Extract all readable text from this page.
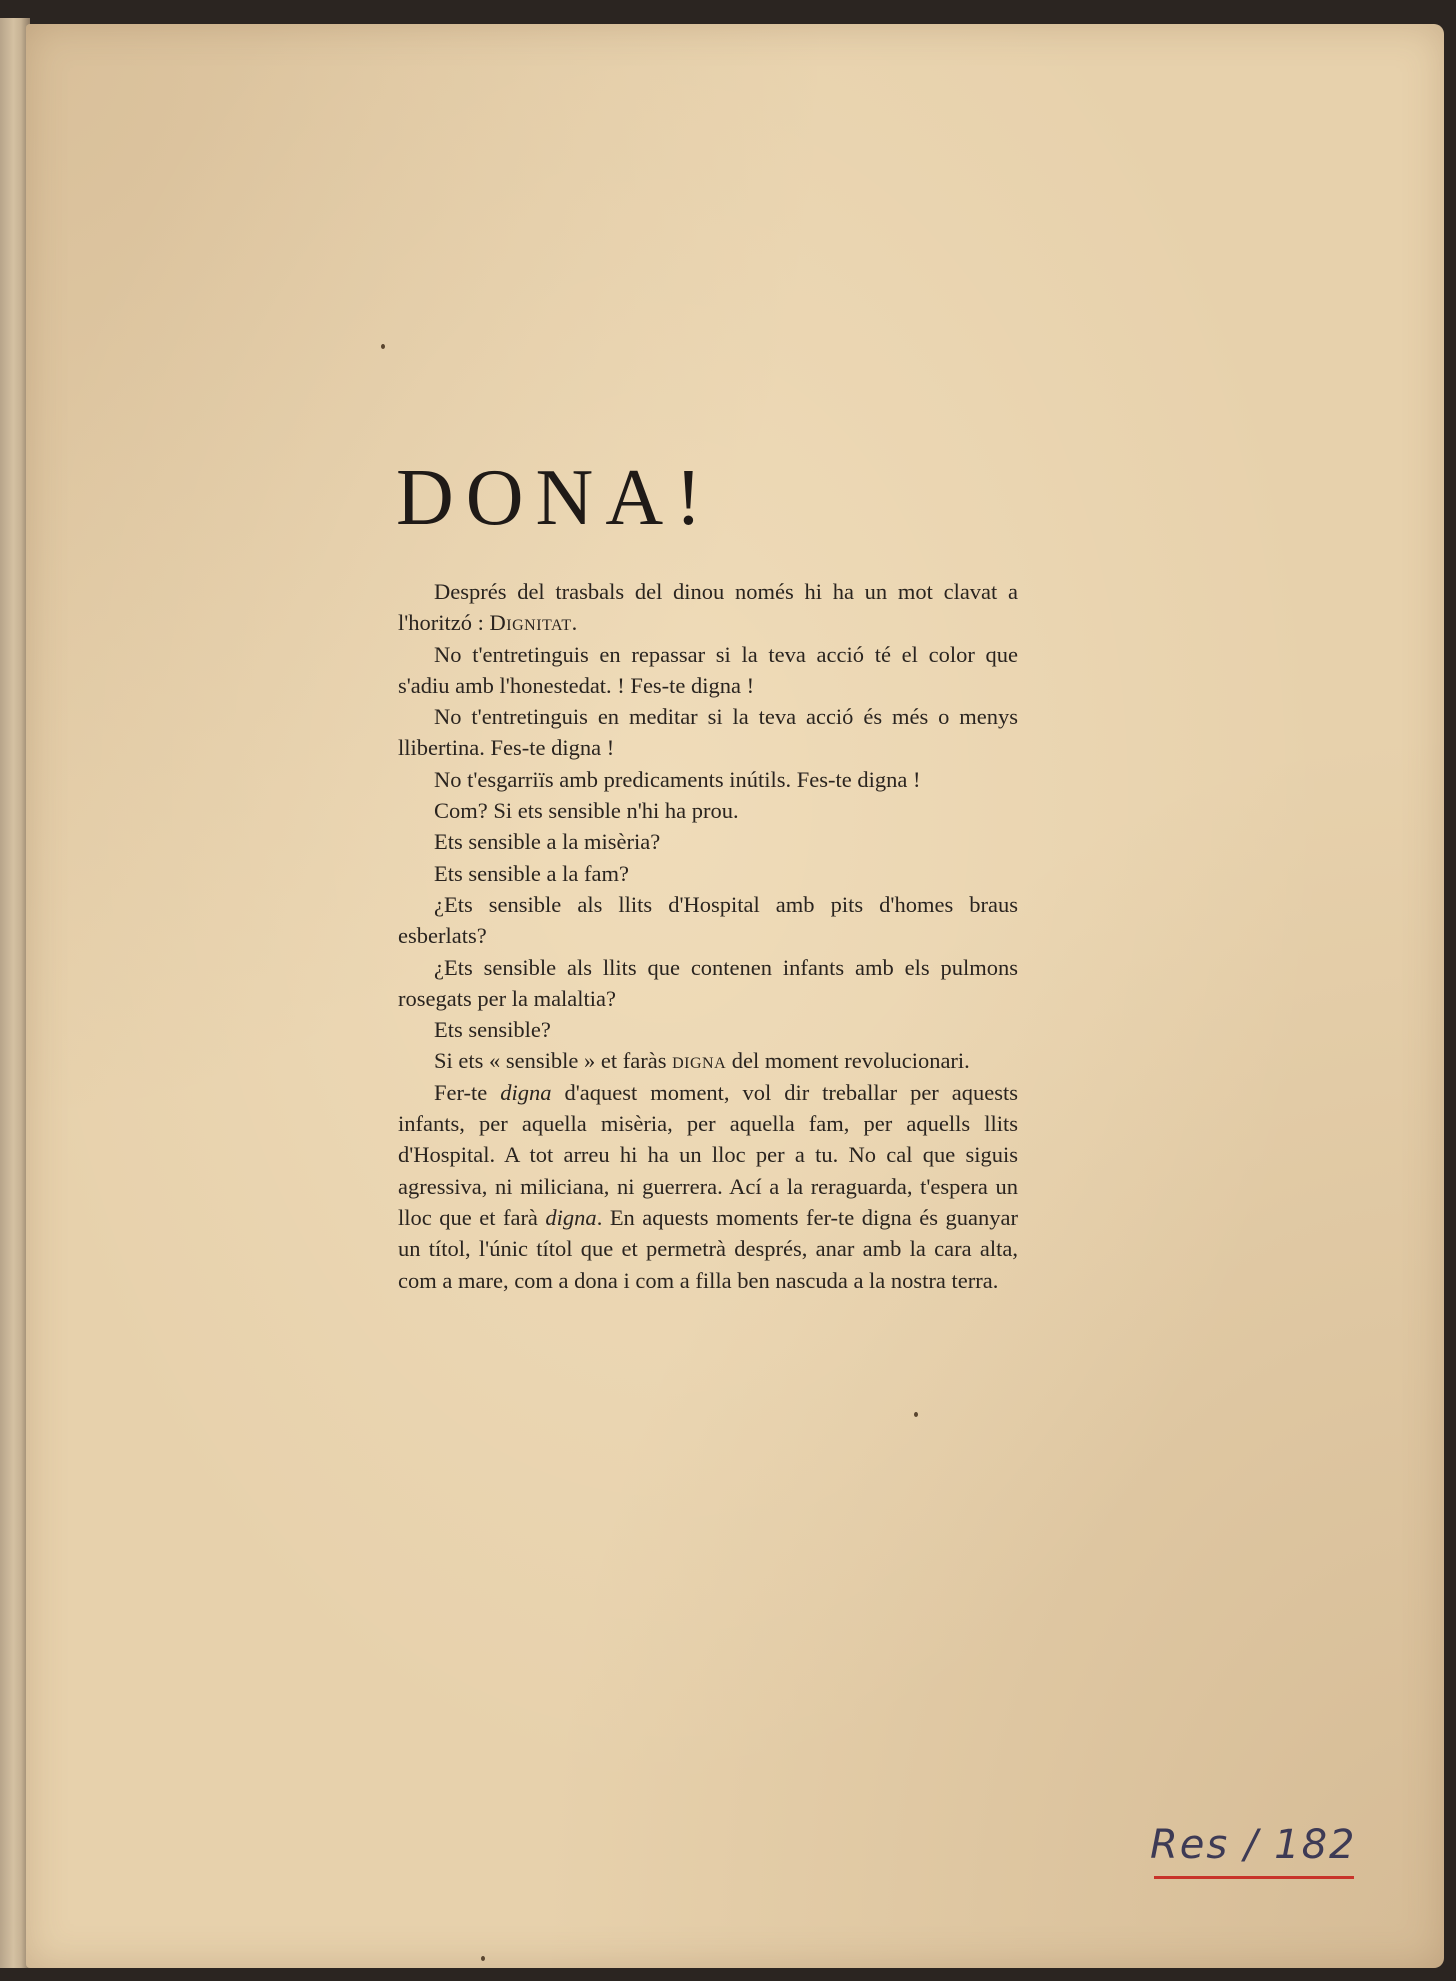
DONA!

Després del trasbals del dinou només hi ha un mot clavat a l'horitzó : Dignitat.

No t'entretinguis en repassar si la teva acció té el color que s'adiu amb l'honestedat. ! Fes-te digna !

No t'entretinguis en meditar si la teva acció és més o menys llibertina. Fes-te digna !

No t'esgarriïs amb predicaments inútils. Fes-te digna !

Com? Si ets sensible n'hi ha prou.

Ets sensible a la misèria?

Ets sensible a la fam?

¿Ets sensible als llits d'Hospital amb pits d'homes braus esberlats?

¿Ets sensible als llits que contenen infants amb els pulmons rosegats per la malaltia?

Ets sensible?

Si ets « sensible » et faràs digna del moment revolucionari.

Fer-te digna d'aquest moment, vol dir treballar per aquests infants, per aquella misèria, per aquella fam, per aquells llits d'Hospital. A tot arreu hi ha un lloc per a tu. No cal que siguis agressiva, ni miliciana, ni guerrera. Ací a la reraguarda, t'espera un lloc que et farà digna. En aquests moments fer-te digna és guanyar un títol, l'únic títol que et permetrà després, anar amb la cara alta, com a mare, com a dona i com a filla ben nascuda a la nostra terra.

Res / 182
